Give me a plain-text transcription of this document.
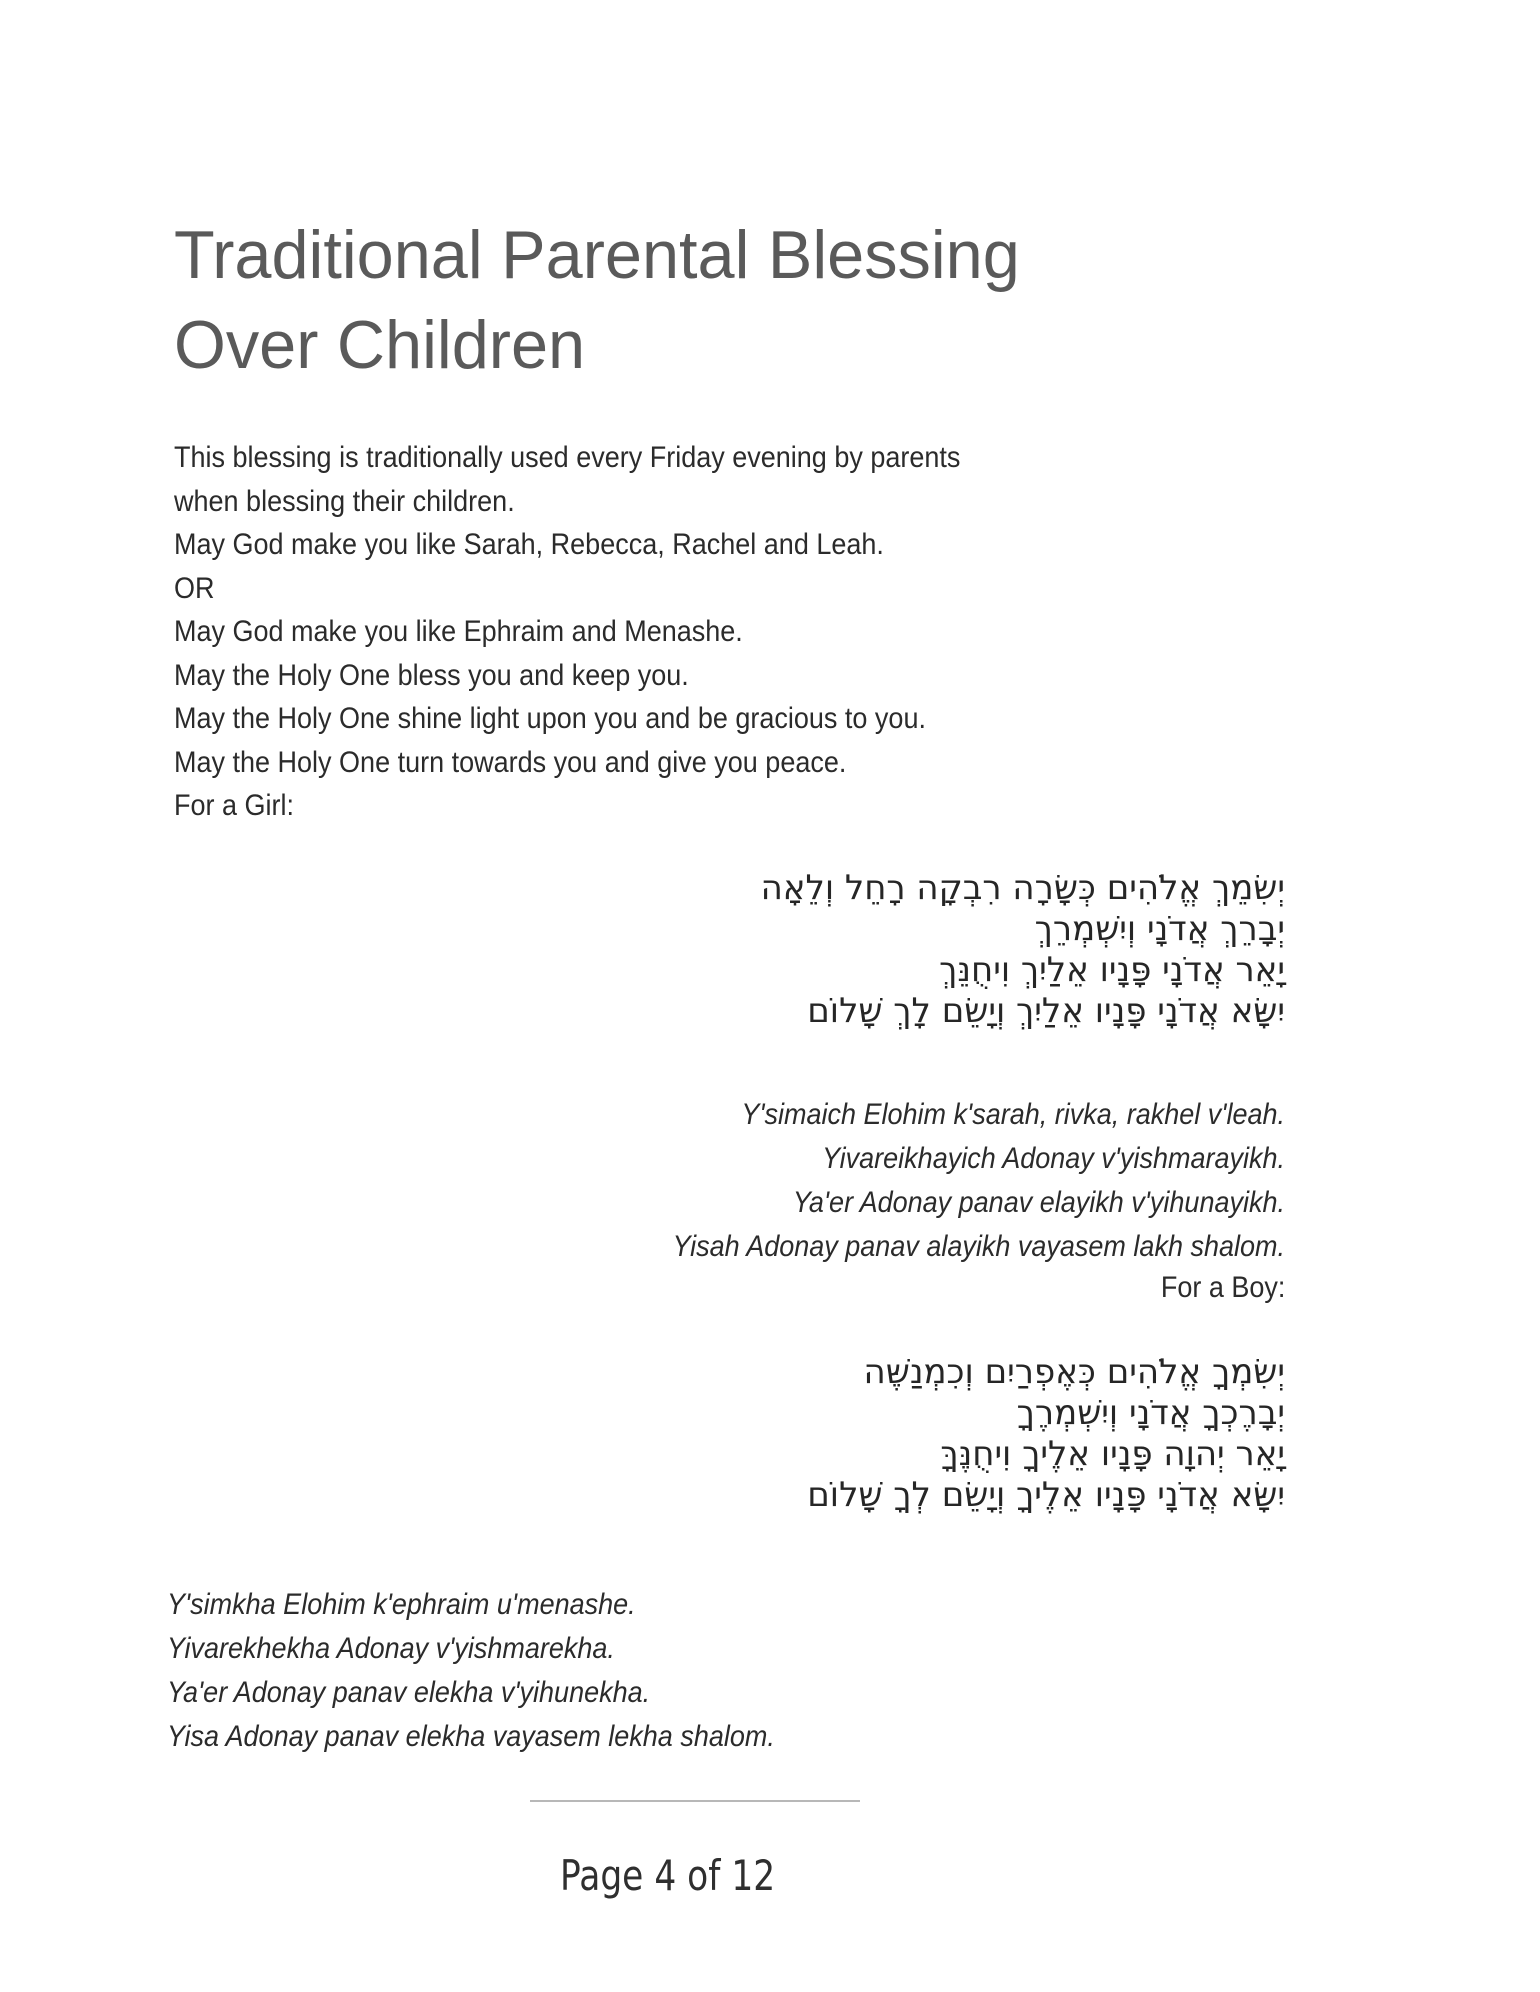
Traditional Parental Blessing
Over Children
This blessing is traditionally used every Friday evening by parents
when blessing their children.
May God make you like Sarah, Rebecca, Rachel and Leah.
OR
May God make you like Ephraim and Menashe.
May the Holy One bless you and keep you.
May the Holy One shine light upon you and be gracious to you.
May the Holy One turn towards you and give you peace.
For a Girl:
יְשִׂמֵךְ אֱלֹהִים כְּשָׂרָה רִבְקָה רָחֵל וְלֵאָה
יְבָרֵךְ אֲדֹנָי וְיִשְׁמְרֵךְ
יָאֵר אֲדֹנָי פָּנָיו אֵלַיִךְ וִיחֻנֵּךְ
יִשָּׂא אֲדֹנָי פָּנָיו אֵלַיִךְ וְיָשֵׂם לָךְ שָׁלוֹם
Y'simaich Elohim k'sarah, rivka, rakhel v'leah.
Yivareikhayich Adonay v'yishmarayikh.
Ya'er Adonay panav elayikh v'yihunayikh.
Yisah Adonay panav alayikh vayasem lakh shalom.
For a Boy:
יְשִׂמְךָ אֱלֹהִים כְּאֶפְרַיִם וְכִמְנַשֶּׁה
יְבָרֶכְךָ אֲדֹנָי וְיִשְׁמְרֶךָ
יָאֵר יְהוָה פָּנָיו אֵלֶיךָ וִיחֻנֶּךָּ
יִשָּׂא אֲדֹנָי פָּנָיו אֵלֶיךָ וְיָשֵׂם לְךָ שָׁלוֹם
Y'simkha Elohim k'ephraim u'menashe.
Yivarekhekha Adonay v'yishmarekha.
Ya'er Adonay panav elekha v'yihunekha.
Yisa Adonay panav elekha vayasem lekha shalom.
Page 4 of 12
